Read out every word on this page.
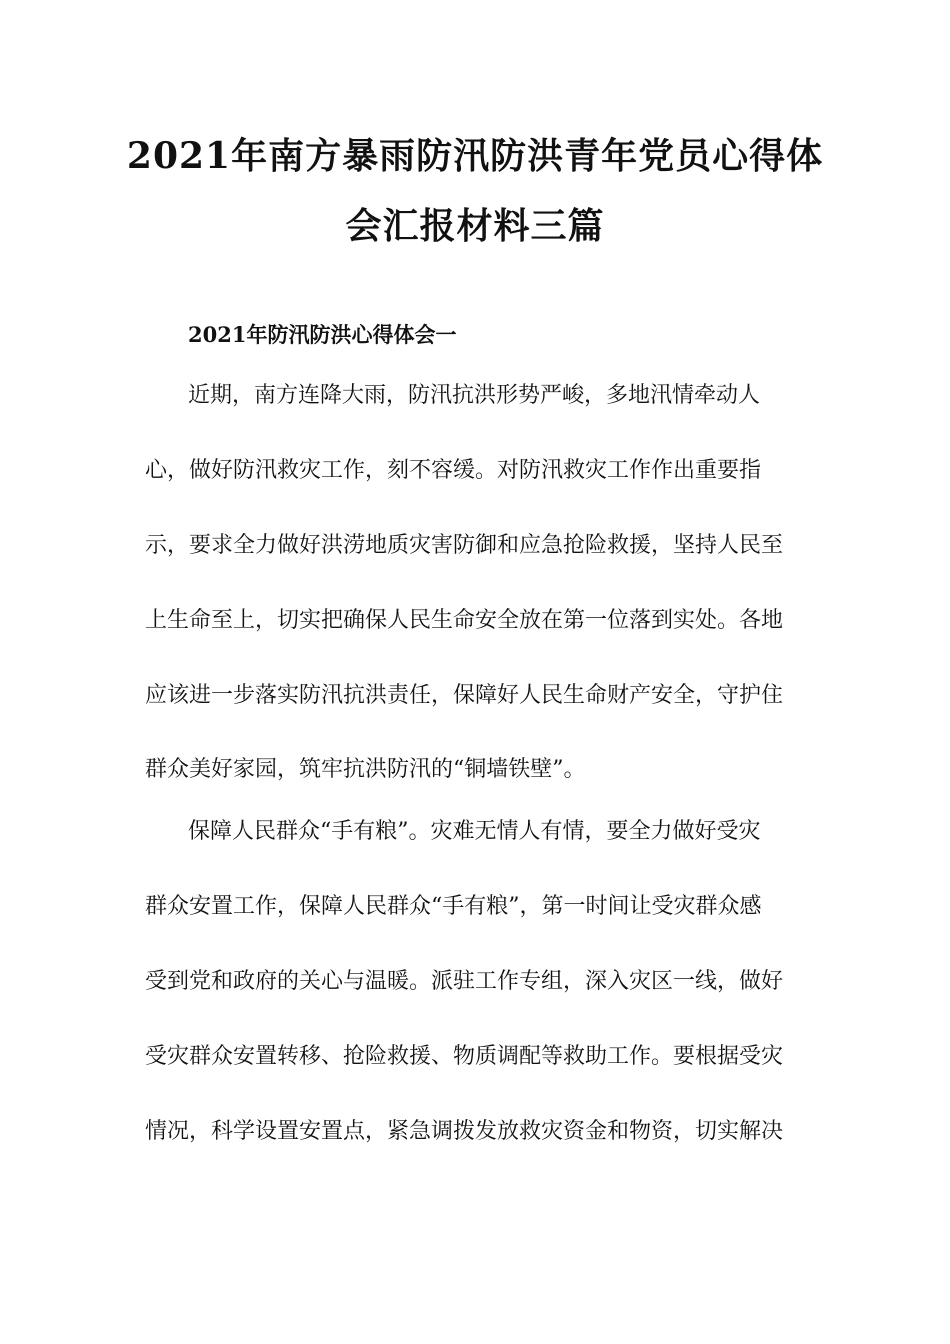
2021年南方暴雨防汛防洪青年党员心得体
会汇报材料三篇
2021年防汛防洪心得体会一
近期，南方连降大雨，防汛抗洪形势严峻，多地汛情牵动人
心，做好防汛救灾工作，刻不容缓。对防汛救灾工作作出重要指
示，要求全力做好洪涝地质灾害防御和应急抢险救援，坚持人民至
上生命至上，切实把确保人民生命安全放在第一位落到实处。各地
应该进一步落实防汛抗洪责任，保障好人民生命财产安全，守护住
群众美好家园，筑牢抗洪防汛的“铜墙铁壁”。
保障人民群众“手有粮”。灾难无情人有情，要全力做好受灾
群众安置工作，保障人民群众“手有粮”，第一时间让受灾群众感
受到党和政府的关心与温暖。派驻工作专组，深入灾区一线，做好
受灾群众安置转移、抢险救援、物质调配等救助工作。要根据受灾
情况，科学设置安置点，紧急调拨发放救灾资金和物资，切实解决
